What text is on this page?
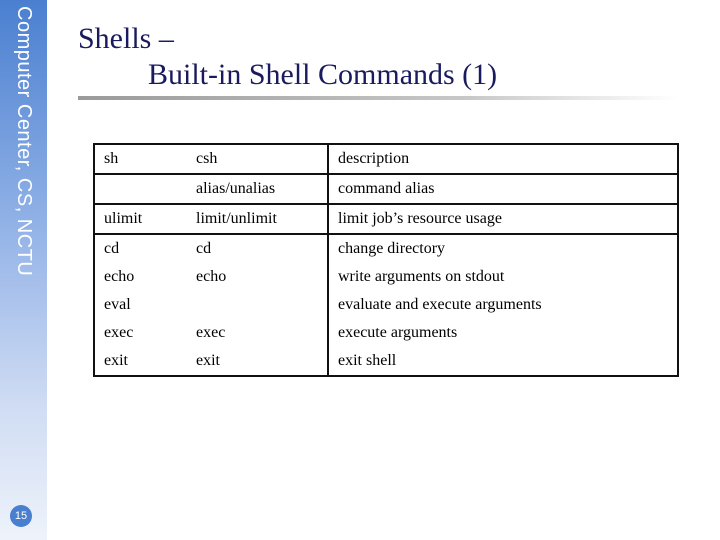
Computer Center, CS, NCTU
15
Shells –
Built-in Shell Commands (1)
sh	csh	description
	alias/unalias	command alias
ulimit	limit/unlimit	limit job’s resource usage
cd	cd	change directory
echo	echo	write arguments on stdout
eval		evaluate and execute arguments
exec	exec	execute arguments
exit	exit	exit shell
